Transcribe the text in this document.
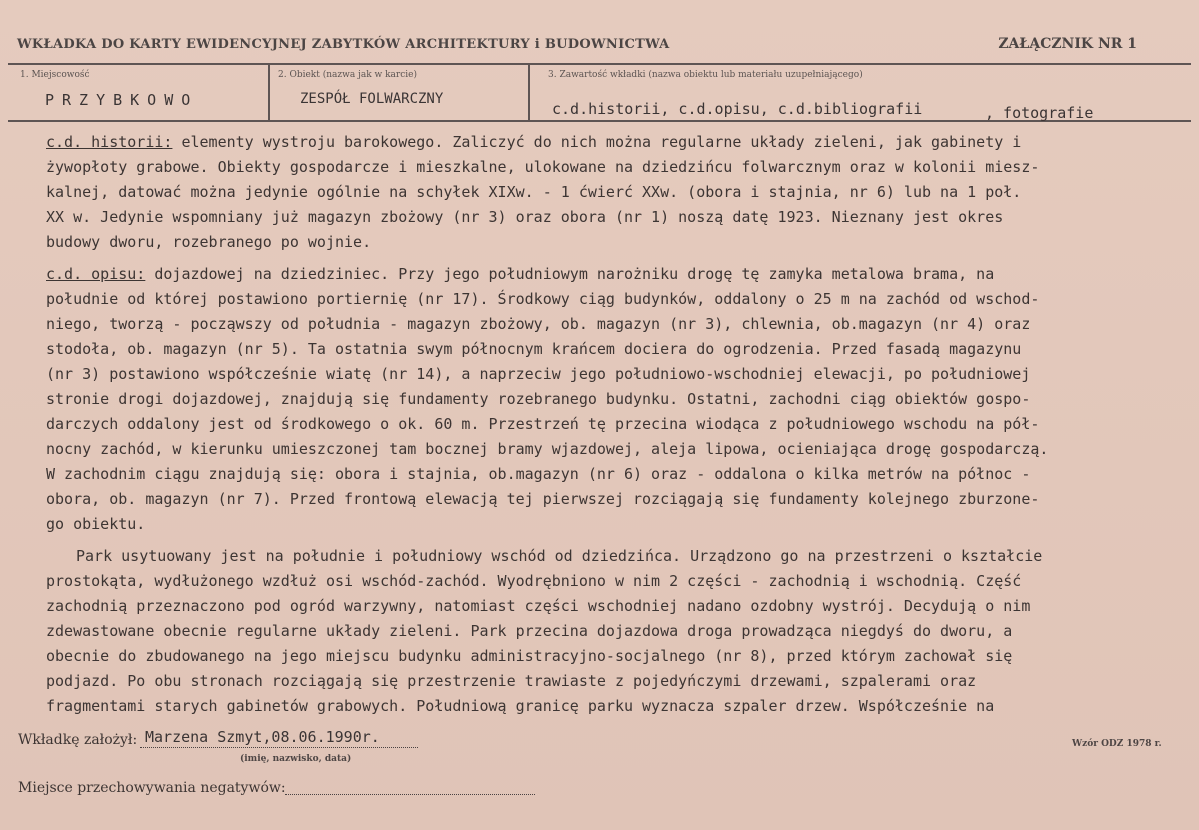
WKŁADKA DO KARTY EWIDENCYJNEJ ZABYTKÓW ARCHITEKTURY i BUDOWNICTWA	ZAŁĄCZNIK NR 1
1. Miejscowość
PRZYBKOWO
2. Obiekt (nazwa jak w karcie)
ZESPÓŁ FOLWARCZNY
3. Zawartość wkładki (nazwa obiektu lub materiału uzupełniającego)
c.d.historii, c.d.opisu, c.d.bibliografii	, fotografie

c.d. historii: elementy wystroju barokowego. Zaliczyć do nich można regularne układy zieleni, jak gabinety i

żywopłoty grabowe. Obiekty gospodarcze i mieszkalne, ulokowane na dziedzińcu folwarcznym oraz w kolonii miesz-

kalnej, datować można jedynie ogólnie na schyłek XIXw. - 1 ćwierć XXw. (obora i stajnia, nr 6) lub na 1 poł.

XX w. Jedynie wspomniany już magazyn zbożowy (nr 3) oraz obora (nr 1) noszą datę 1923. Nieznany jest okres

budowy dworu, rozebranego po wojnie.

c.d. opisu: dojazdowej na dziedziniec. Przy jego południowym narożniku drogę tę zamyka metalowa brama, na

południe od której postawiono portiernię (nr 17). Środkowy ciąg budynków, oddalony o 25 m na zachód od wschod-

niego, tworzą - począwszy od południa - magazyn zbożowy, ob. magazyn (nr 3), chlewnia, ob.magazyn (nr 4) oraz

stodoła, ob. magazyn (nr 5). Ta ostatnia swym północnym krańcem dociera do ogrodzenia. Przed fasadą magazynu

(nr 3) postawiono współcześnie wiatę (nr 14), a naprzeciw jego południowo-wschodniej elewacji, po południowej

stronie drogi dojazdowej, znajdują się fundamenty rozebranego budynku. Ostatni, zachodni ciąg obiektów gospo-

darczych oddalony jest od środkowego o ok. 60 m. Przestrzeń tę przecina wiodąca z południowego wschodu na pół-

nocny zachód, w kierunku umieszczonej tam bocznej bramy wjazdowej, aleja lipowa, ocieniająca drogę gospodarczą.

W zachodnim ciągu znajdują się: obora i stajnia, ob.magazyn (nr 6) oraz - oddalona o kilka metrów na północ -

obora, ob. magazyn (nr 7). Przed frontową elewacją tej pierwszej rozciągają się fundamenty kolejnego zburzone-

go obiektu.

Park usytuowany jest na południe i południowy wschód od dziedzińca. Urządzono go na przestrzeni o kształcie

prostokąta, wydłużonego wzdłuż osi wschód-zachód. Wyodrębniono w nim 2 części - zachodnią i wschodnią. Część

zachodnią przeznaczono pod ogród warzywny, natomiast części wschodniej nadano ozdobny wystrój. Decydują o nim

zdewastowane obecnie regularne układy zieleni. Park przecina dojazdowa droga prowadząca niegdyś do dworu, a

obecnie do zbudowanego na jego miejscu budynku administracyjno-socjalnego (nr 8), przed którym zachował się

podjazd. Po obu stronach rozciągają się przestrzenie trawiaste z pojedyńczymi drzewami, szpalerami oraz

fragmentami starych gabinetów grabowych. Południową granicę parku wyznacza szpaler drzew. Współcześnie na

Wkładkę założył: Marzena Szmyt,08.06.1990r.
(imię, nazwisko, data)
Wzór ODZ 1978 r.
Miejsce przechowywania negatywów:
